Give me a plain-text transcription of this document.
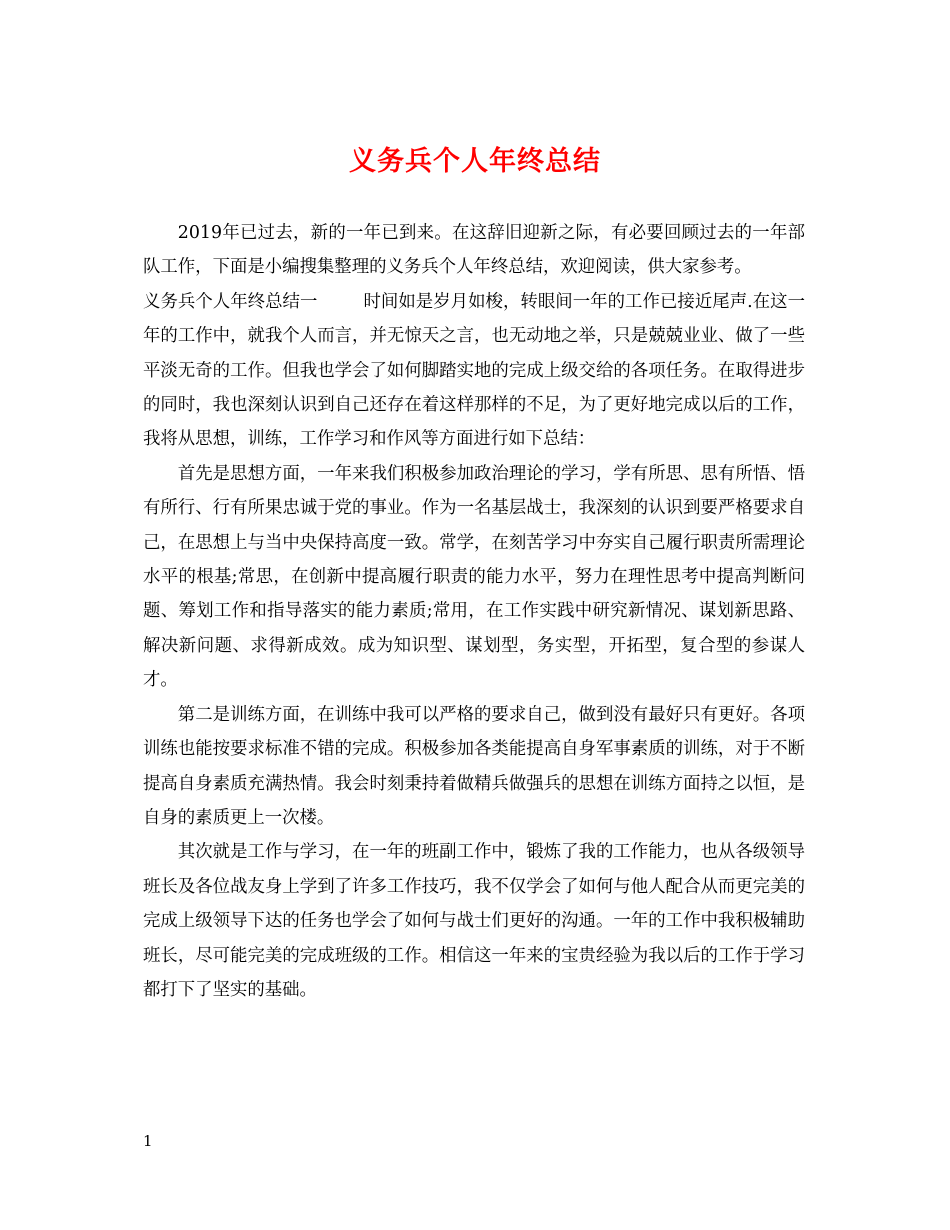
义务兵个人年终总结

2019年已过去，新的一年已到来。在这辞旧迎新之际，有必要回顾过去的一年部队工作，下面是小编搜集整理的义务兵个人年终总结，欢迎阅读，供大家参考。

义务兵个人年终总结一	时间如是岁月如梭，转眼间一年的工作已接近尾声.在这一年的工作中，就我个人而言，并无惊天之言，也无动地之举，只是兢兢业业、做了一些平淡无奇的工作。但我也学会了如何脚踏实地的完成上级交给的各项任务。在取得进步的同时，我也深刻认识到自己还存在着这样那样的不足，为了更好地完成以后的工作，我将从思想，训练，工作学习和作风等方面进行如下总结：

首先是思想方面，一年来我们积极参加政治理论的学习，学有所思、思有所悟、悟有所行、行有所果忠诚于党的事业。作为一名基层战士，我深刻的认识到要严格要求自己，在思想上与当中央保持高度一致。常学，在刻苦学习中夯实自己履行职责所需理论水平的根基;常思，在创新中提高履行职责的能力水平，努力在理性思考中提高判断问题、筹划工作和指导落实的能力素质;常用，在工作实践中研究新情况、谋划新思路、解决新问题、求得新成效。成为知识型、谋划型，务实型，开拓型，复合型的参谋人才。

第二是训练方面，在训练中我可以严格的要求自己，做到没有最好只有更好。各项训练也能按要求标准不错的完成。积极参加各类能提高自身军事素质的训练，对于不断提高自身素质充满热情。我会时刻秉持着做精兵做强兵的思想在训练方面持之以恒，是自身的素质更上一次楼。

其次就是工作与学习，在一年的班副工作中，锻炼了我的工作能力，也从各级领导班长及各位战友身上学到了许多工作技巧，我不仅学会了如何与他人配合从而更完美的完成上级领导下达的任务也学会了如何与战士们更好的沟通。一年的工作中我积极辅助班长，尽可能完美的完成班级的工作。相信这一年来的宝贵经验为我以后的工作于学习都打下了坚实的基础。

1
